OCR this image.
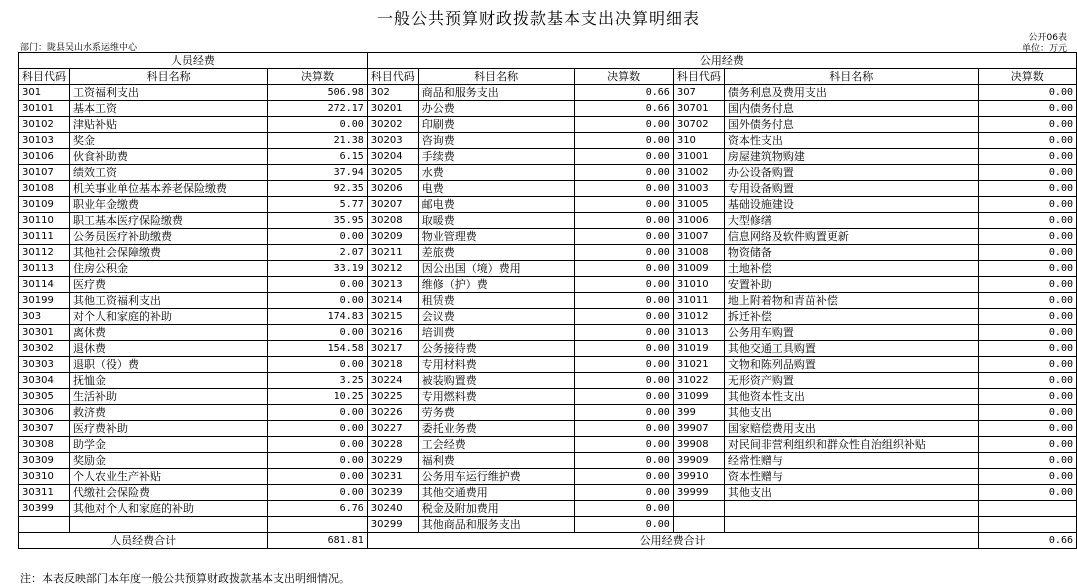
一般公共预算财政拨款基本支出决算明细表
部门：陇县吴山水系运维中心
公开06表
单位：万元
人员经费			公用经费					
科目代码	科目名称	决算数	科目代码	科目名称	决算数	科目代码	科目名称	决算数
301	工资福利支出	506.98	302	商品和服务支出	0.66	307	债务利息及费用支出	0.00
30101	基本工资	272.17	30201	办公费	0.66	30701	国内债务付息	0.00
30102	津贴补贴	0.00	30202	印刷费	0.00	30702	国外债务付息	0.00
30103	奖金	21.38	30203	咨询费	0.00	310	资本性支出	0.00
30106	伙食补助费	6.15	30204	手续费	0.00	31001	房屋建筑物购建	0.00
30107	绩效工资	37.94	30205	水费	0.00	31002	办公设备购置	0.00
30108	机关事业单位基本养老保险缴费	92.35	30206	电费	0.00	31003	专用设备购置	0.00
30109	职业年金缴费	5.77	30207	邮电费	0.00	31005	基础设施建设	0.00
30110	职工基本医疗保险缴费	35.95	30208	取暖费	0.00	31006	大型修缮	0.00
30111	公务员医疗补助缴费	0.00	30209	物业管理费	0.00	31007	信息网络及软件购置更新	0.00
30112	其他社会保障缴费	2.07	30211	差旅费	0.00	31008	物资储备	0.00
30113	住房公积金	33.19	30212	因公出国（境）费用	0.00	31009	土地补偿	0.00
30114	医疗费	0.00	30213	维修（护）费	0.00	31010	安置补助	0.00
30199	其他工资福利支出	0.00	30214	租赁费	0.00	31011	地上附着物和青苗补偿	0.00
303	对个人和家庭的补助	174.83	30215	会议费	0.00	31012	拆迁补偿	0.00
30301	离休费	0.00	30216	培训费	0.00	31013	公务用车购置	0.00
30302	退休费	154.58	30217	公务接待费	0.00	31019	其他交通工具购置	0.00
30303	退职（役）费	0.00	30218	专用材料费	0.00	31021	文物和陈列品购置	0.00
30304	抚恤金	3.25	30224	被装购置费	0.00	31022	无形资产购置	0.00
30305	生活补助	10.25	30225	专用燃料费	0.00	31099	其他资本性支出	0.00
30306	救济费	0.00	30226	劳务费	0.00	399	其他支出	0.00
30307	医疗费补助	0.00	30227	委托业务费	0.00	39907	国家赔偿费用支出	0.00
30308	助学金	0.00	30228	工会经费	0.00	39908	对民间非营利组织和群众性自治组织补贴	0.00
30309	奖励金	0.00	30229	福利费	0.00	39909	经常性赠与	0.00
30310	个人农业生产补贴	0.00	30231	公务用车运行维护费	0.00	39910	资本性赠与	0.00
30311	代缴社会保险费	0.00	30239	其他交通费用	0.00	39999	其他支出	0.00
30399	其他对个人和家庭的补助	6.76	30240	税金及附加费用	0.00			
			30299	其他商品和服务支出	0.00			
人员经费合计		681.81	公用经费合计					0.66
注：本表反映部门本年度一般公共预算财政拨款基本支出明细情况。
